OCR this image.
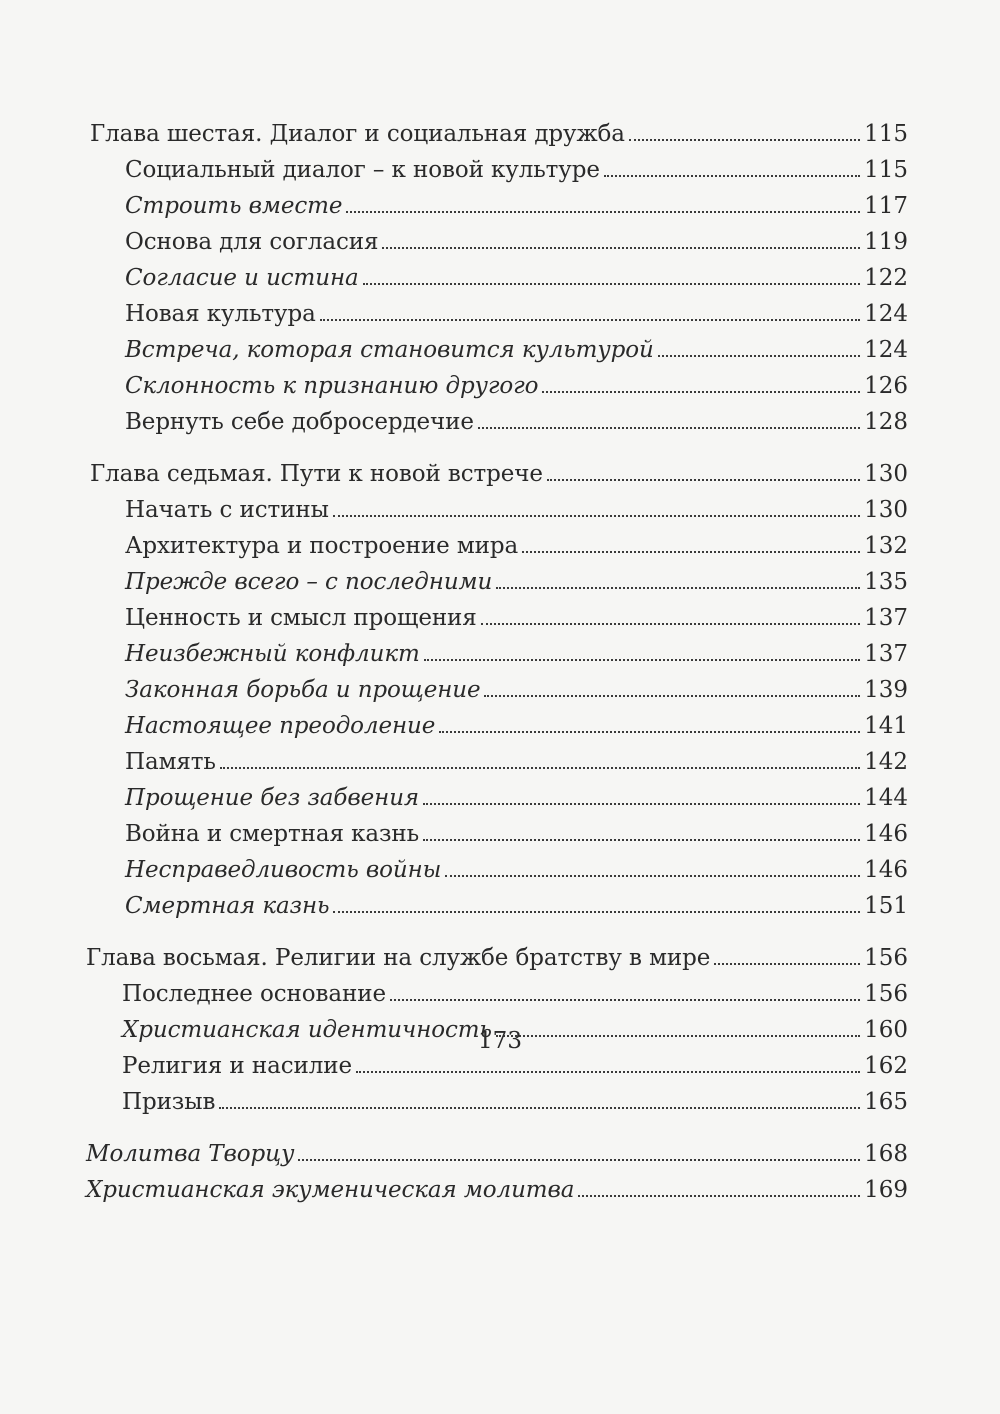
Глава шестая. Диалог и социальная дружба	115
Социальный диалог – к новой культуре	115
Строить вместе	117
Основа для согласия	119
Согласие и истина	122
Новая культура	124
Встреча, которая становится культурой	124
Склонность к признанию другого	126
Вернуть себе добросердечие	128
Глава седьмая. Пути к новой встрече	130
Начать с истины	130
Архитектура и построение мира	132
Прежде всего – с последними	135
Ценность и смысл прощения	137
Неизбежный конфликт	137
Законная борьба и прощение	139
Настоящее преодоление	141
Память	142
Прощение без забвения	144
Война и смертная казнь	146
Несправедливость войны	146
Смертная казнь	151
Глава восьмая. Религии на службе братству в мире	156
Последнее основание	156
Христианская идентичность	160
Религия и насилие	162
Призыв	165
Молитва Творцу	168
Христианская экуменическая молитва	169
173
